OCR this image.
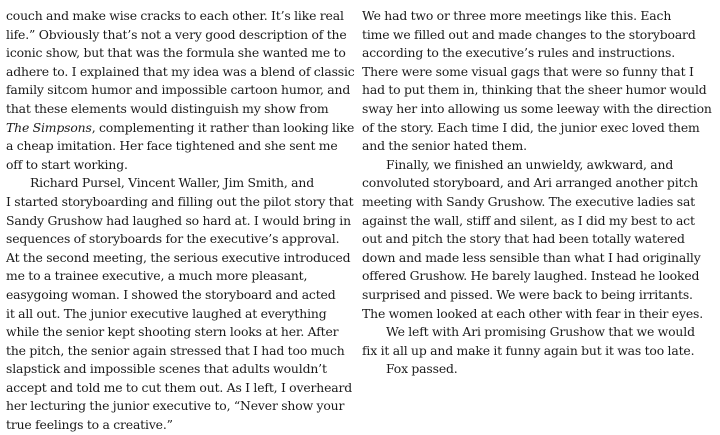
couch and make wise cracks to each other. It’s like real
life.” Obviously that’s not a very good description of the
iconic show, but that was the formula she wanted me to
adhere to. I explained that my idea was a blend of classic
family sitcom humor and impossible cartoon humor, and
that these elements would distinguish my show from
The Simpsons, complementing it rather than looking like
a cheap imitation. Her face tightened and she sent me
off to start working.
Richard Pursel, Vincent Waller, Jim Smith, and
I started storyboarding and filling out the pilot story that
Sandy Grushow had laughed so hard at. I would bring in
sequences of storyboards for the executive’s approval.
At the second meeting, the serious executive introduced
me to a trainee executive, a much more pleasant,
easygoing woman. I showed the storyboard and acted
it all out. The junior executive laughed at everything
while the senior kept shooting stern looks at her. After
the pitch, the senior again stressed that I had too much
slapstick and impossible scenes that adults wouldn’t
accept and told me to cut them out. As I left, I overheard
her lecturing the junior executive to, “Never show your
true feelings to a creative.”
We had two or three more meetings like this. Each
time we filled out and made changes to the storyboard
according to the executive’s rules and instructions.
There were some visual gags that were so funny that I
had to put them in, thinking that the sheer humor would
sway her into allowing us some leeway with the direction
of the story. Each time I did, the junior exec loved them
and the senior hated them.
Finally, we finished an unwieldy, awkward, and
convoluted storyboard, and Ari arranged another pitch
meeting with Sandy Grushow. The executive ladies sat
against the wall, stiff and silent, as I did my best to act
out and pitch the story that had been totally watered
down and made less sensible than what I had originally
offered Grushow. He barely laughed. Instead he looked
surprised and pissed. We were back to being irritants.
The women looked at each other with fear in their eyes.
We left with Ari promising Grushow that we would
fix it all up and make it funny again but it was too late.
Fox passed.
